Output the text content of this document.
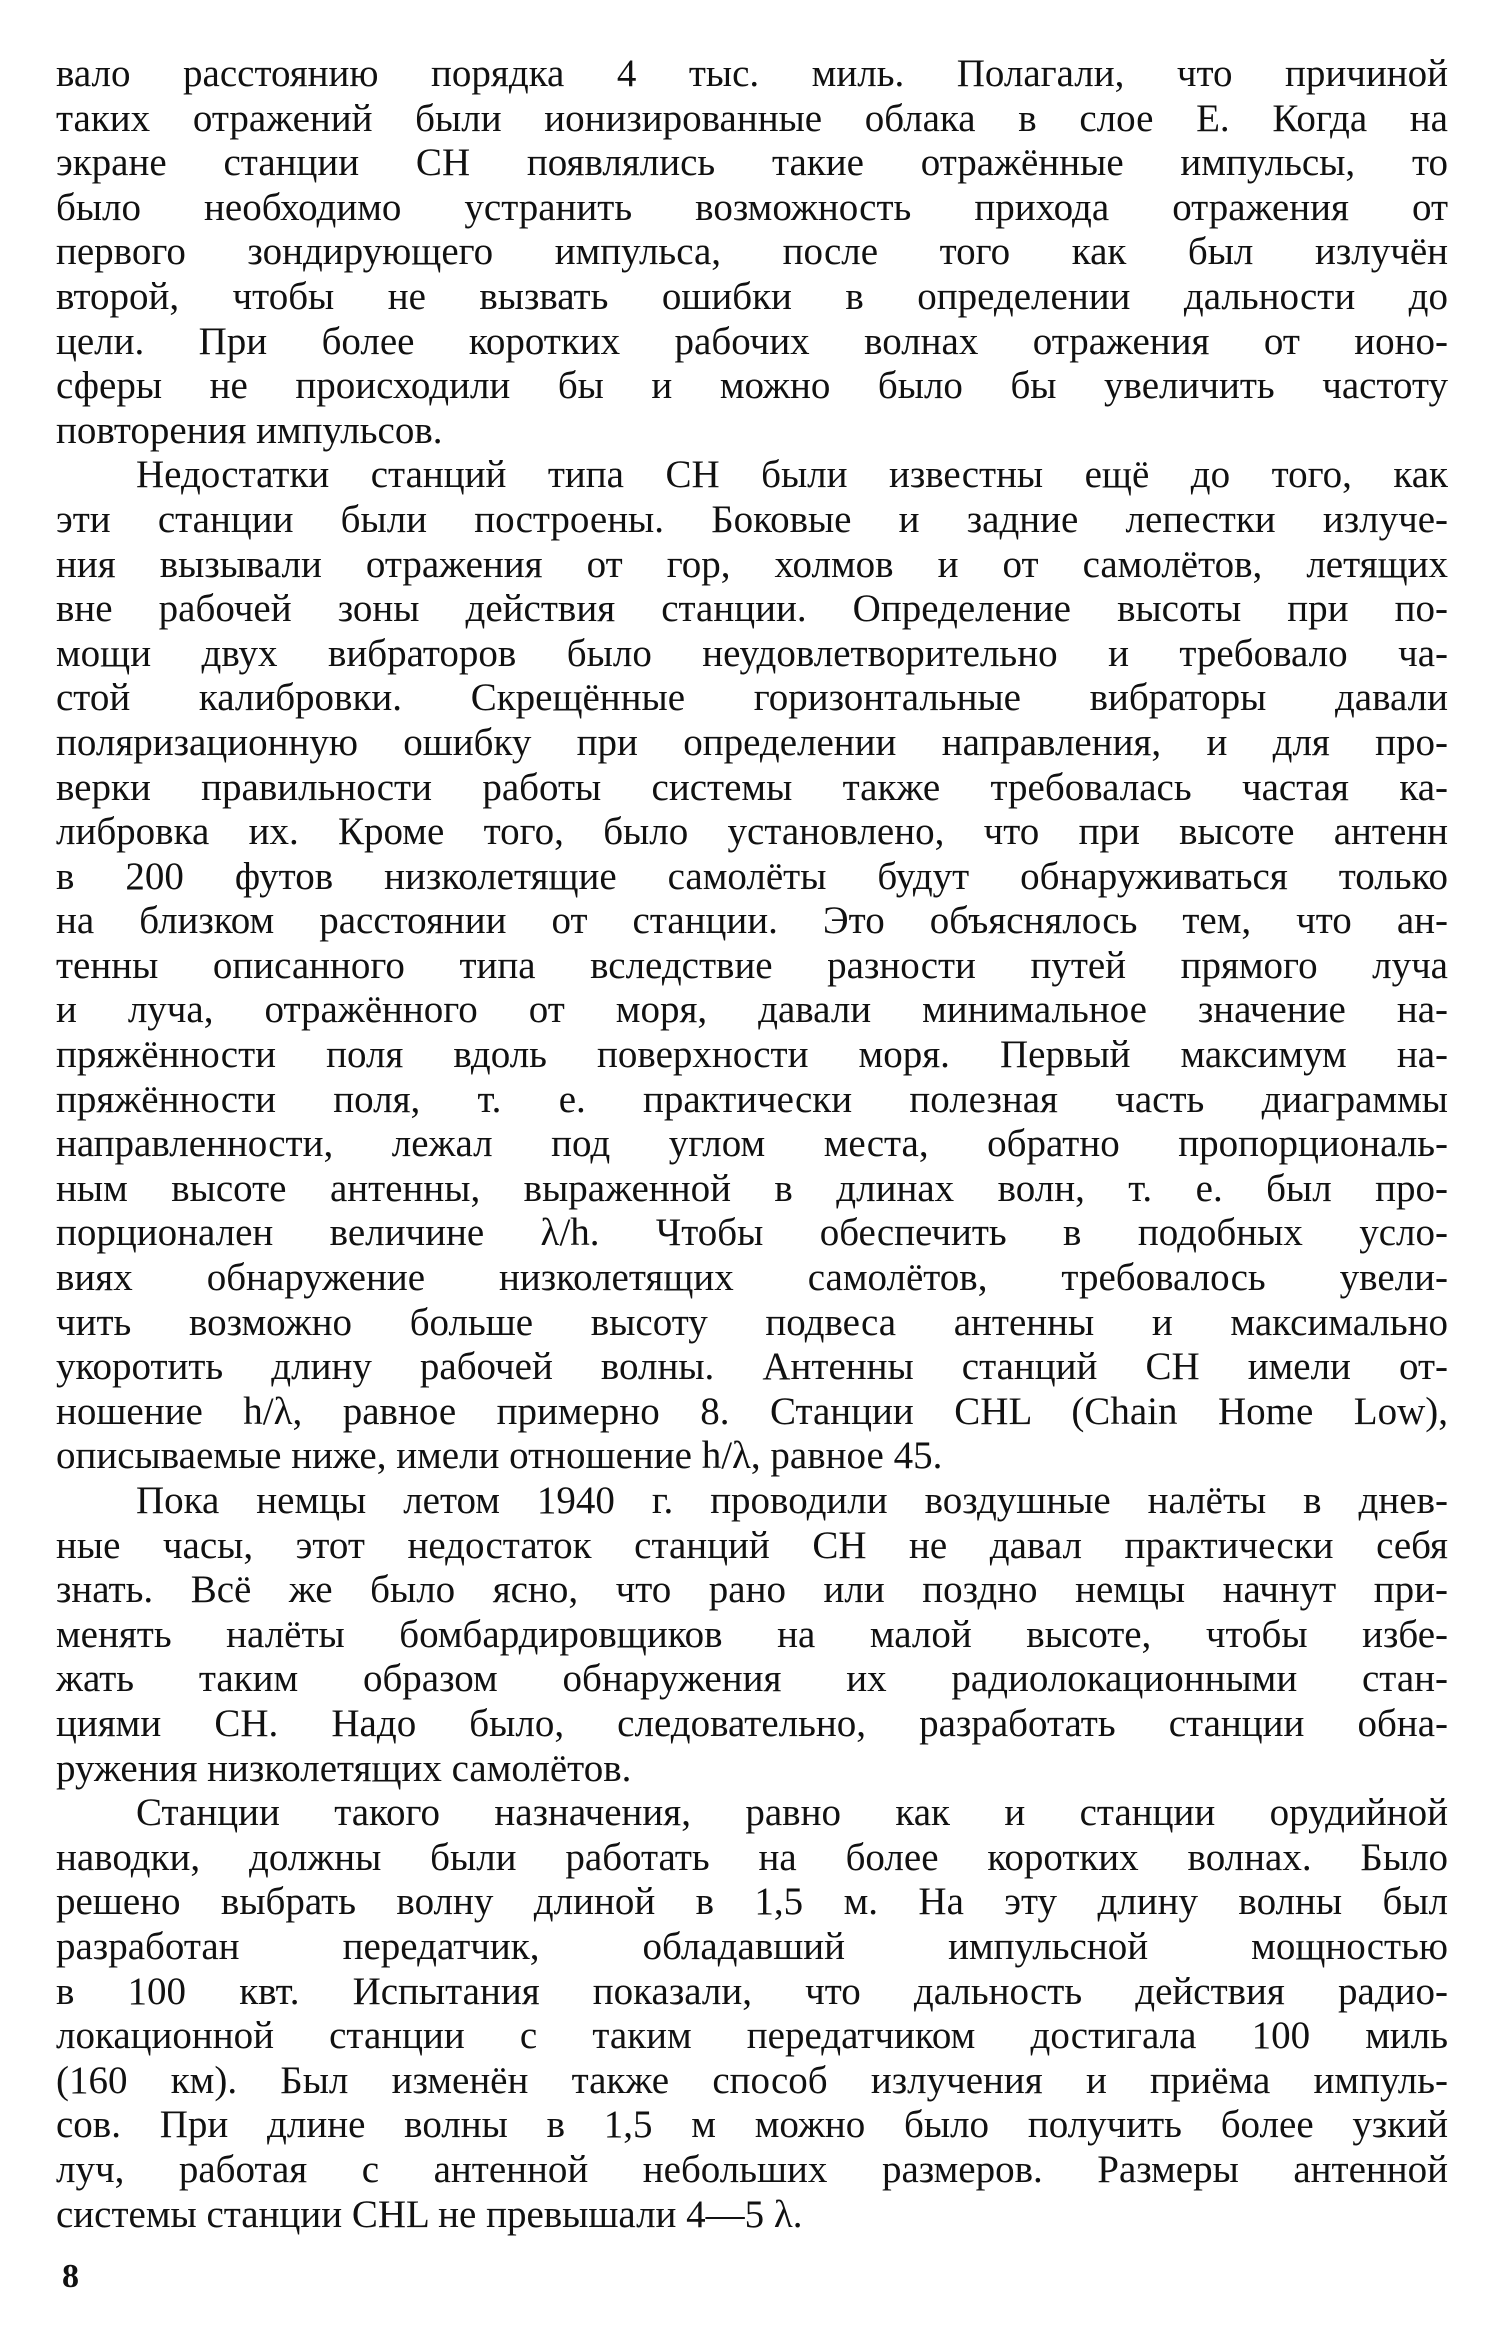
вало расстоянию порядка 4 тыс. миль. Полагали, что причиной
таких отражений были ионизированные облака в слое E. Когда на
экране станции CH появлялись такие отражённые импульсы, то
было необходимо устранить возможность прихода отражения от
первого зондирующего импульса, после того как был излучён
второй, чтобы не вызвать ошибки в определении дальности до
цели. При более коротких рабочих волнах отражения от ионо-
сферы не происходили бы и можно было бы увеличить частоту
повторения импульсов.

Недостатки станций типа CH были известны ещё до того, как
эти станции были построены. Боковые и задние лепестки излуче-
ния вызывали отражения от гор, холмов и от самолётов, летящих
вне рабочей зоны действия станции. Определение высоты при по-
мощи двух вибраторов было неудовлетворительно и требовало ча-
стой калибровки. Скрещённые горизонтальные вибраторы давали
поляризационную ошибку при определении направления, и для про-
верки правильности работы системы также требовалась частая ка-
либровка их. Кроме того, было установлено, что при высоте антенн
в 200 футов низколетящие самолёты будут обнаруживаться только
на близком расстоянии от станции. Это объяснялось тем, что ан-
тенны описанного типа вследствие разности путей прямого луча
и луча, отражённого от моря, давали минимальное значение на-
пряжённости поля вдоль поверхности моря. Первый максимум на-
пряжённости поля, т. е. практически полезная часть диаграммы
направленности, лежал под углом места, обратно пропорциональ-
ным высоте антенны, выраженной в длинах волн, т. е. был про-
порционален величине λ/h. Чтобы обеспечить в подобных усло-
виях обнаружение низколетящих самолётов, требовалось увели-
чить возможно больше высоту подвеса антенны и максимально
укоротить длину рабочей волны. Антенны станций CH имели от-
ношение h/λ, равное примерно 8. Станции CHL (Chain Home Low),
описываемые ниже, имели отношение h/λ, равное 45.

Пока немцы летом 1940 г. проводили воздушные налёты в днев-
ные часы, этот недостаток станций CH не давал практически себя
знать. Всё же было ясно, что рано или поздно немцы начнут при-
менять налёты бомбардировщиков на малой высоте, чтобы избе-
жать таким образом обнаружения их радиолокационными стан-
циями CH. Надо было, следовательно, разработать станции обна-
ружения низколетящих самолётов.

Станции такого назначения, равно как и станции орудийной
наводки, должны были работать на более коротких волнах. Было
решено выбрать волну длиной в 1,5 м. На эту длину волны был
разработан передатчик, обладавший импульсной мощностью
в 100 квт. Испытания показали, что дальность действия радио-
локационной станции с таким передатчиком достигала 100 миль
(160 км). Был изменён также способ излучения и приёма импуль-
сов. При длине волны в 1,5 м можно было получить более узкий
луч, работая с антенной небольших размеров. Размеры антенной
системы станции CHL не превышали 4—5 λ.

8
